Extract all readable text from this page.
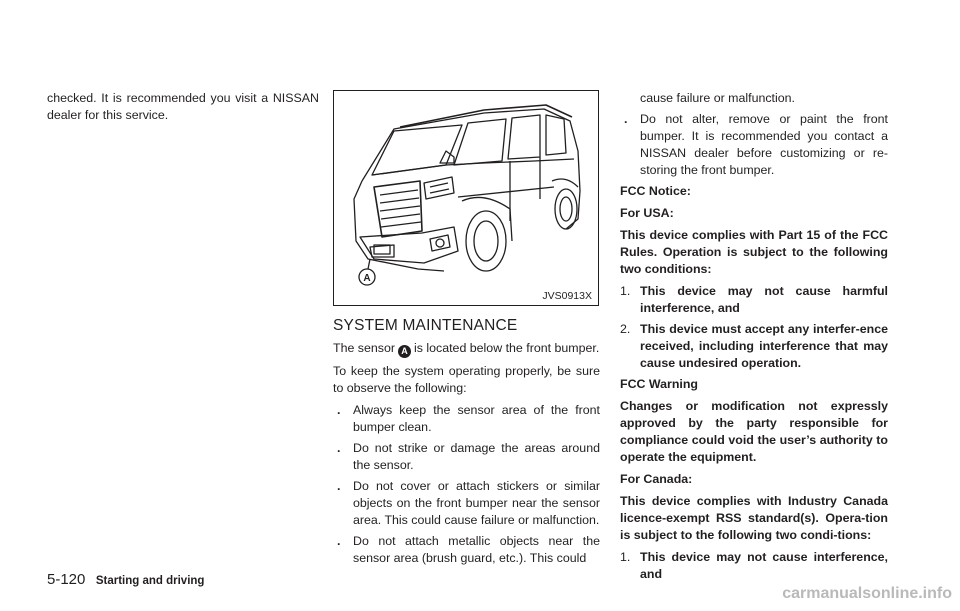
checked. It is recommended you visit a NISSAN dealer for this service.

A
JVS0913X
SYSTEM MAINTENANCE

The sensor A is located below the front bumper.

To keep the system operating properly, be sure to observe the following:

. Always keep the sensor area of the front bumper clean.
. Do not strike or damage the areas around the sensor.
. Do not cover or attach stickers or similar objects on the front bumper near the sensor area. This could cause failure or malfunction.
. Do not attach metallic objects near the sensor area (brush guard, etc.). This could

cause failure or malfunction.

. Do not alter, remove or paint the front bumper. It is recommended you contact a NISSAN dealer before customizing or re-storing the front bumper.

FCC Notice:

For USA:

This device complies with Part 15 of the FCC Rules. Operation is subject to the following two conditions:

1. This device may not cause harmful interference, and
2. This device must accept any interfer-ence received, including interference that may cause undesired operation.

FCC Warning

Changes or modification not expressly approved by the party responsible for compliance could void the user’s authority to operate the equipment.

For Canada:

This device complies with Industry Canada licence-exempt RSS standard(s). Opera-tion is subject to the following two condi-tions:

1. This device may not cause interference, and
5-120 Starting and driving
carmanualsonline.info
